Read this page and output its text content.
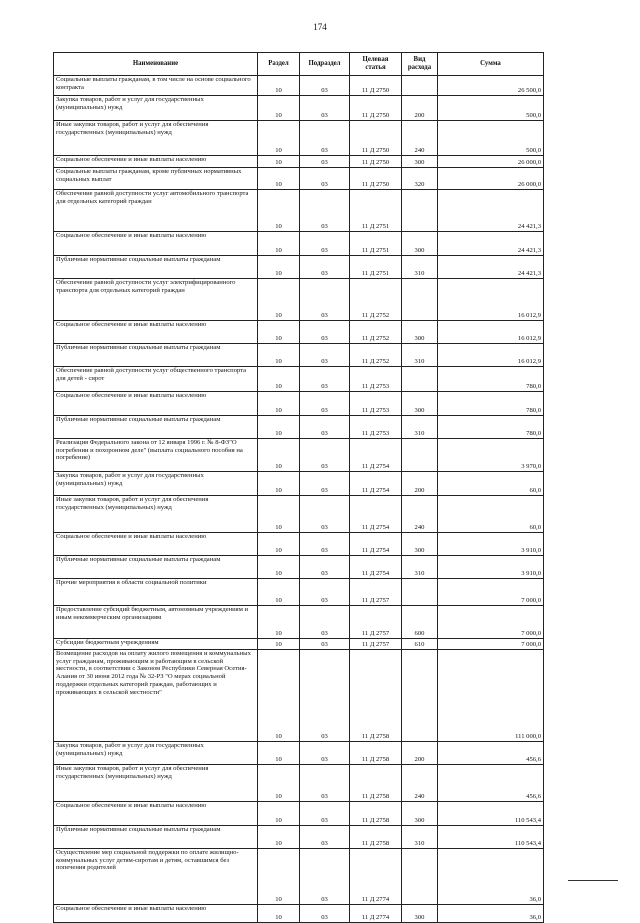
174
Наименование	Раздел	Подраздел	Целевая статья	Вид расхода	Сумма
Социальные выплаты гражданам, в том числе на основе социального контракта	10	03	11 Д 2750		26 500,0
Закупка товаров, работ и услуг для государственных (муниципальных) нужд	10	03	11 Д 2750	200	500,0
Иные закупки товаров, работ и услуг для обеспечения государственных (муниципальных) нужд	10	03	11 Д 2750	240	500,0
Социальное обеспечение и иные выплаты населению	10	03	11 Д 2750	300	26 000,0
Социальные выплаты гражданам, кроме публичных нормативных социальных выплат	10	03	11 Д 2750	320	26 000,0
Обеспечение равной доступности услуг автомобильного транспорта для отдельных категорий граждан	10	03	11 Д 2751		24 421,3
Социальное обеспечение и иные выплаты населению	10	03	11 Д 2751	300	24 421,3
Публичные нормативные социальные выплаты гражданам	10	03	11 Д 2751	310	24 421,3
Обеспечение равной доступности услуг электрифицированного транспорта для отдельных категорий граждан	10	03	11 Д 2752		16 012,9
Социальное обеспечение и иные выплаты населению	10	03	11 Д 2752	300	16 012,9
Публичные нормативные социальные выплаты гражданам	10	03	11 Д 2752	310	16 012,9
Обеспечение равной доступности услуг общественного транспорта для детей - сирот	10	03	11 Д 2753		780,0
Социальное обеспечение и иные выплаты населению	10	03	11 Д 2753	300	780,0
Публичные нормативные социальные выплаты гражданам	10	03	11 Д 2753	310	780,0
Реализация Федерального закона от 12 января 1996 г. № 8-ФЗ"О погребении и похоронном деле" (выплата социального пособия на погребение)	10	03	11 Д 2754		3 970,0
Закупка товаров, работ и услуг для государственных (муниципальных) нужд	10	03	11 Д 2754	200	60,0
Иные закупки товаров, работ и услуг для обеспечения государственных (муниципальных) нужд	10	03	11 Д 2754	240	60,0
Социальное обеспечение и иные выплаты населению	10	03	11 Д 2754	300	3 910,0
Публичные нормативные социальные выплаты гражданам	10	03	11 Д 2754	310	3 910,0
Прочие мероприятия в области социальной политики	10	03	11 Д 2757		7 000,0
Предоставление субсидий бюджетным, автономным учреждениям и иным некоммерческим организациям	10	03	11 Д 2757	600	7 000,0
Субсидии бюджетным учреждениям	10	03	11 Д 2757	610	7 000,0
Возмещение расходов на оплату жилого помещения и коммунальных услуг гражданам, проживающим и работающим в сельской местности, в соответствии с Законом Республики Северная Осетия-Алания от 30 июня 2012 года № 32-РЗ "О мерах социальной поддержки отдельных категорий граждан, работающих и проживающих в сельской местности"	10	03	11 Д 2758		111 000,0
Закупка товаров, работ и услуг для государственных (муниципальных) нужд	10	03	11 Д 2758	200	456,6
Иные закупки товаров, работ и услуг для обеспечения государственных (муниципальных) нужд	10	03	11 Д 2758	240	456,6
Социальное обеспечение и иные выплаты населению	10	03	11 Д 2758	300	110 543,4
Публичные нормативные социальные выплаты гражданам	10	03	11 Д 2758	310	110 543,4
Осуществление мер социальной поддержки по оплате жилищно-коммунальных услуг детям-сиротам и детям, оставшимся без попечения родителей	10	03	11 Д 2774		36,0
Социальное обеспечение и иные выплаты населению	10	03	11 Д 2774	300	36,0
